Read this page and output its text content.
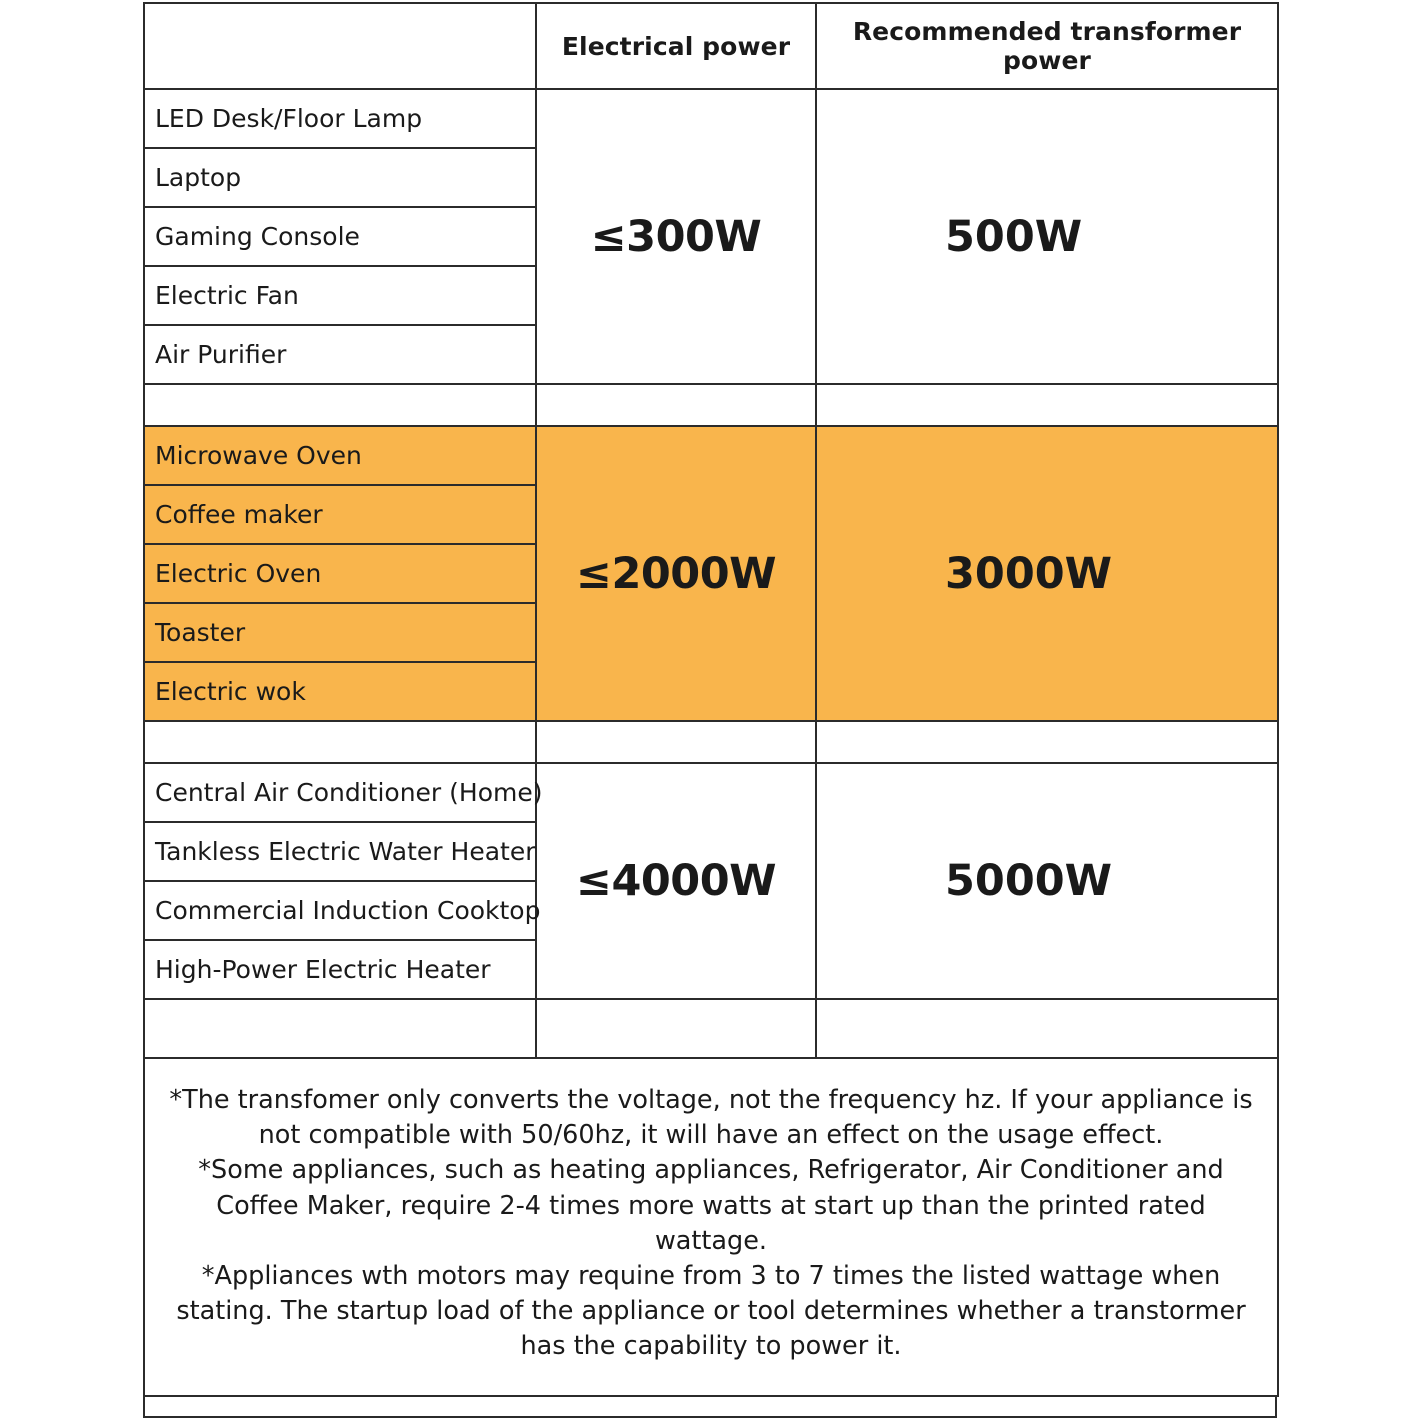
	Electrical power	Recommended transformer power
LED Desk/Floor Lamp	≤300W	500W
Laptop		
Gaming Console		
Electric Fan		
Air Purifier		

Microwave Oven	≤2000W	3000W
Coffee maker		
Electric Oven		
Toaster		
Electric wok		

Central Air Conditioner (Home)	≤4000W	5000W
Tankless Electric Water Heater		
Commercial Induction Cooktop		
High-Power Electric Heater		

*The transfomer only converts the voltage, not the frequency hz. If your appliance is not compatible with 50/60hz, it will have an effect on the usage effect.

*Some appliances, such as heating appliances, Refrigerator, Air Conditioner and Coffee Maker, require 2-4 times more watts at start up than the printed rated wattage.

*Appliances wth motors may requine from 3 to 7 times the listed wattage when stating. The startup load of the appliance or tool determines whether a transtormer has the capability to power it.		
